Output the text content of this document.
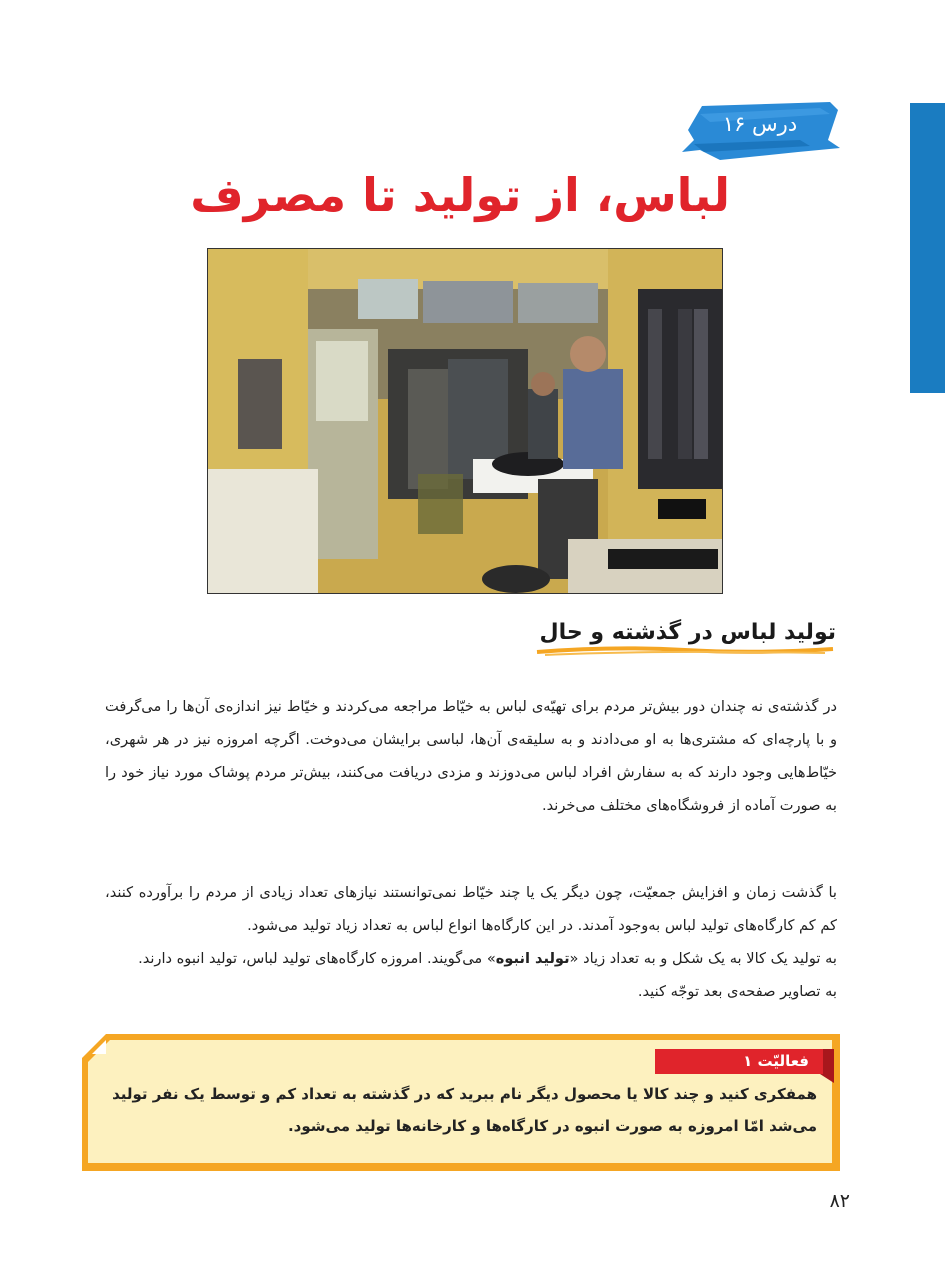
درس ۱۶
لباس، از تولید تا مصرف
تولید لباس در گذشته و حال

در گذشته‌ی نه چندان دور بیش‌تر مردم برای تهیّه‌ی لباس به خیّاط مراجعه می‌کردند و خیّاط نیز اندازه‌ی آن‌ها را می‌گرفت و با پارچه‌ای که مشتری‌ها به او می‌دادند و به سلیقه‌ی آن‌ها، لباسی برایشان می‌دوخت. اگرچه امروزه نیز در هر شهری، خیّاط‌هایی وجود دارند که به سفارش افراد لباس می‌دوزند و مزدی دریافت می‌کنند، بیش‌تر مردم پوشاک مورد نیاز خود را به صورت آماده از فروشگاه‌های مختلف می‌خرند.

با گذشت زمان و افزایش جمعیّت، چون دیگر یک یا چند خیّاط نمی‌توانستند نیازهای تعداد زیادی از مردم را برآورده کنند، کم کم کارگاه‌های تولید لباس به‌وجود آمدند. در این کارگاه‌ها انواع لباس به تعداد زیاد تولید می‌شود.

به تولید یک کالا به یک شکل و به تعداد زیاد «تولید انبوه» می‌گویند. امروزه کارگاه‌های تولید لباس، تولید انبوه دارند.

به تصاویر صفحه‌ی بعد توجّه کنید.

فعالیّت ۱
همفکری کنید و چند کالا یا محصول دیگر نام ببرید که در گذشته به تعداد کم و توسط یک نفر تولید
می‌شد امّا امروزه به صورت انبوه در کارگاه‌ها و کارخانه‌ها تولید می‌شود.
۸۲
